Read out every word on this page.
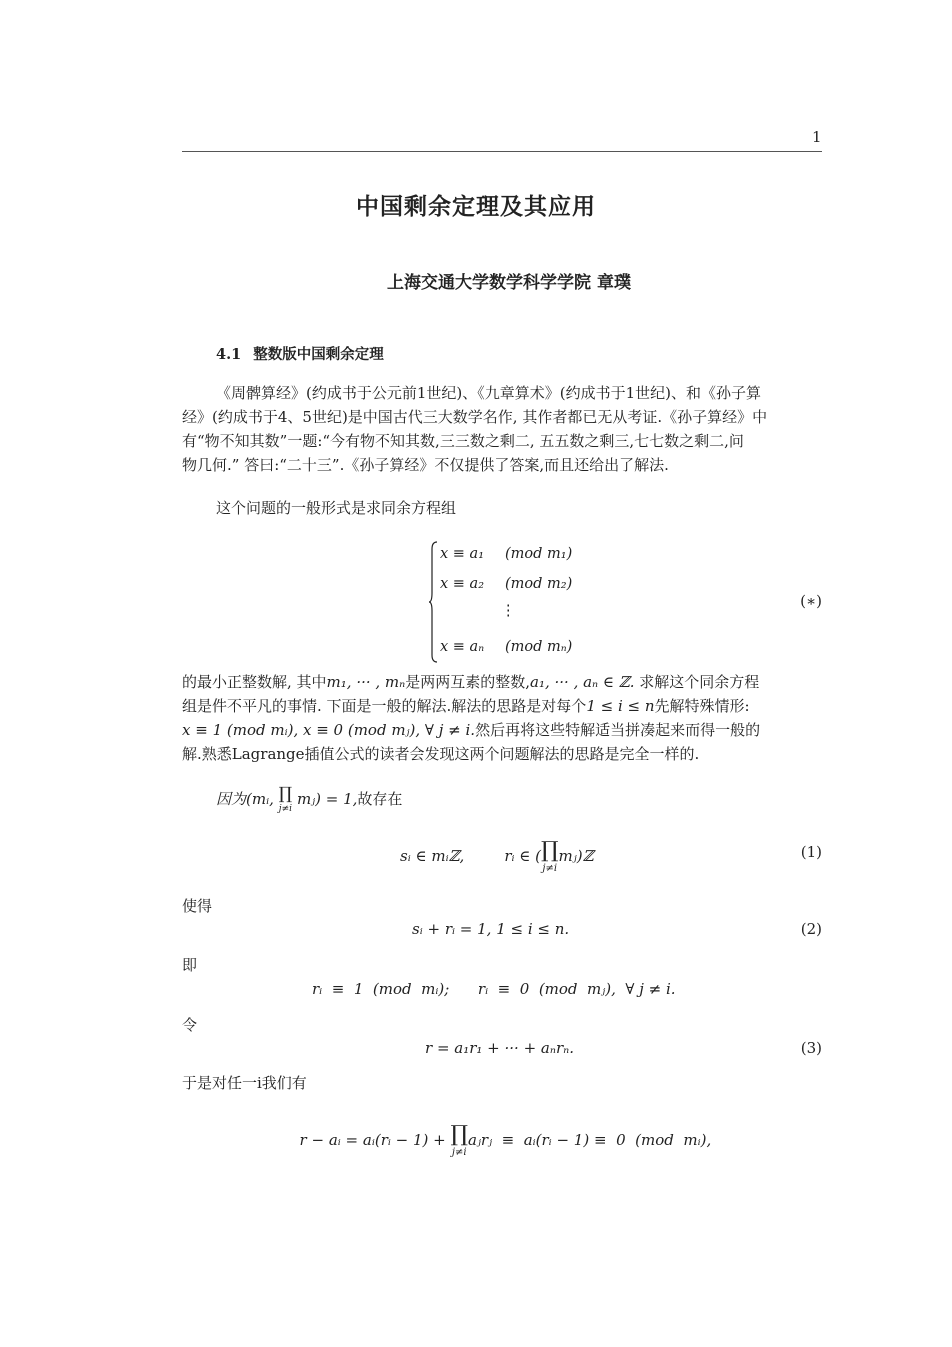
1
中国剩余定理及其应用
上海交通大学数学科学学院 章璞
4.1 整数版中国剩余定理
《周髀算经》(约成书于公元前1世纪)、《九章算术》(约成书于1世纪)、和《孙子算
经》(约成书于4、5世纪)是中国古代三大数学名作, 其作者都已无从考证.《孙子算经》中
有“物不知其数”一题:“今有物不知其数,三三数之剩二, 五五数之剩三,七七数之剩二,问
物几何.” 答曰:“二十三”.《孙子算经》不仅提供了答案,而且还给出了解法.
这个问题的一般形式是求同余方程组
x ≡ a₁ (mod m₁)
x ≡ a₂ (mod m₂)
⋮
x ≡ aₙ (mod mₙ)
(∗)
的最小正整数解, 其中m₁, ··· , mₙ是两两互素的整数,a₁, ··· , aₙ ∈ ℤ. 求解这个同余方程
组是件不平凡的事情. 下面是一般的解法.解法的思路是对每个1 ≤ i ≤ n先解特殊情形:
x ≡ 1 (mod mᵢ), x ≡ 0 (mod mⱼ), ∀ j ≠ i.然后再将这些特解适当拼凑起来而得一般的
解.熟悉Lagrange插值公式的读者会发现这两个问题解法的思路是完全一样的.
因为(mᵢ, ∏
j≠i
mⱼ) = 1,故存在
sᵢ ∈ mᵢℤ,	rᵢ ∈ ( ∏
j≠i
mⱼ)ℤ	(1)
使得
sᵢ + rᵢ = 1, 1 ≤ i ≤ n.	(2)
即
rᵢ  ≡  1  (mod  mᵢ);      rᵢ  ≡  0  (mod  mⱼ),  ∀ j ≠ i.
令
r = a₁r₁ + ··· + aₙrₙ.	(3)
于是对任一i我们有

r − aᵢ = aᵢ(rᵢ − 1) + ∏
j≠i
aⱼrⱼ  ≡  aᵢ(rᵢ − 1) ≡  0  (mod  mᵢ),
